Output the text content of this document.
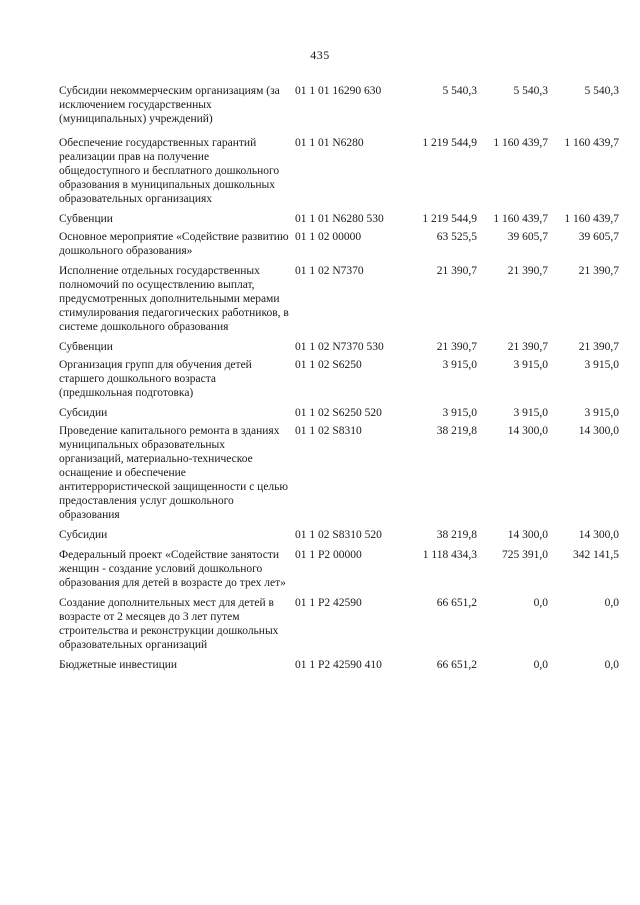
435
Субсидии некоммерческим организациям (за исключением государственных (муниципальных) учреждений)
01 1 01 16290 630	5 540,3	5 540,3	5 540,3
Обеспечение государственных гарантий реализации прав на получение общедоступного и бесплатного дошкольного образования в муниципальных дошкольных образовательных организациях
01 1 01 N6280	1 219 544,9	1 160 439,7	1 160 439,7
Субвенции	01 1 01 N6280 530	1 219 544,9	1 160 439,7	1 160 439,7
Основное мероприятие «Содействие развитию дошкольного образования»
01 1 02 00000	63 525,5	39 605,7	39 605,7
Исполнение отдельных государственных полномочий по осуществлению выплат, предусмотренных дополнительными мерами стимулирования педагогических работников, в системе дошкольного образования
01 1 02 N7370	21 390,7	21 390,7	21 390,7
Субвенции	01 1 02 N7370 530	21 390,7	21 390,7	21 390,7
Организация групп для обучения детей старшего дошкольного возраста (предшкольная подготовка)
01 1 02 S6250	3 915,0	3 915,0	3 915,0
Субсидии	01 1 02 S6250 520	3 915,0	3 915,0	3 915,0
Проведение капитального ремонта в зданиях муниципальных образовательных организаций, материально-техническое оснащение и обеспечение антитеррористической защищенности с целью предоставления услуг дошкольного образования
01 1 02 S8310	38 219,8	14 300,0	14 300,0
Субсидии	01 1 02 S8310 520	38 219,8	14 300,0	14 300,0
Федеральный проект «Содействие занятости женщин - создание условий дошкольного образования для детей в возрасте до трех лет»
01 1 P2 00000	1 118 434,3	725 391,0	342 141,5
Создание дополнительных мест для детей в возрасте от 2 месяцев до 3 лет путем строительства и реконструкции дошкольных образовательных организаций
01 1 P2 42590	66 651,2	0,0	0,0
Бюджетные инвестиции	01 1 P2 42590 410	66 651,2	0,0	0,0
